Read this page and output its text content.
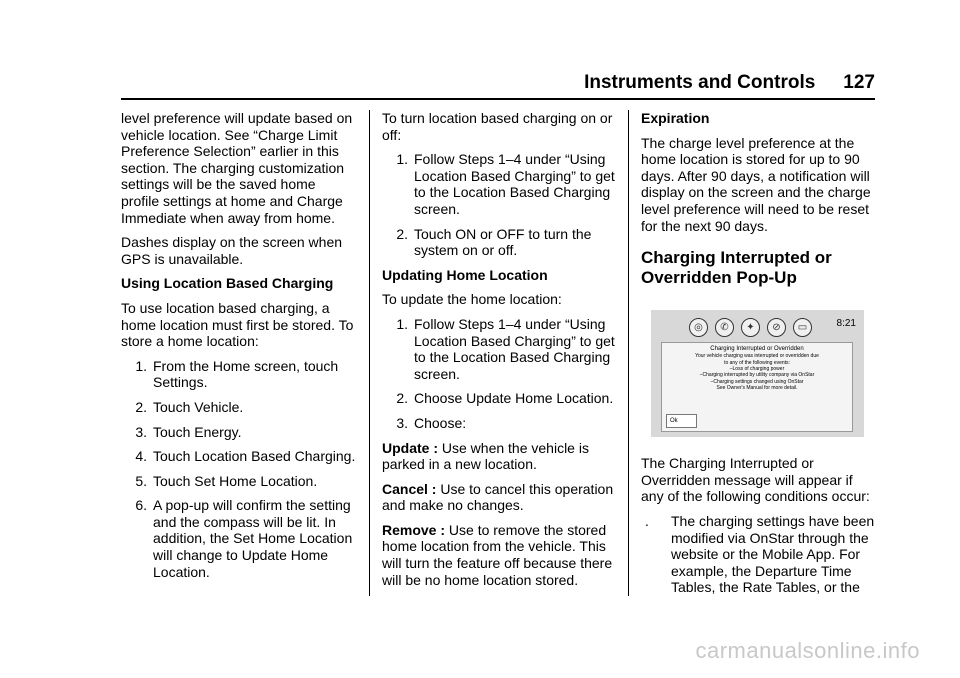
Instruments and Controls 127

level preference will update based on vehicle location. See “Charge Limit Preference Selection” earlier in this section. The charging customization settings will be the saved home profile settings at home and Charge Immediate when away from home.

Dashes display on the screen when GPS is unavailable.

Using Location Based Charging

To use location based charging, a home location must first be stored. To store a home location:

1. From the Home screen, touch Settings.
2. Touch Vehicle.
3. Touch Energy.
4. Touch Location Based Charging.
5. Touch Set Home Location.
6. A pop-up will confirm the setting and the compass will be lit. In addition, the Set Home Location will change to Update Home Location.

To turn location based charging on or off:

1. Follow Steps 1–4 under “Using Location Based Charging” to get to the Location Based Charging screen.
2. Touch ON or OFF to turn the system on or off.

Updating Home Location

To update the home location:

1. Follow Steps 1–4 under “Using Location Based Charging” to get to the Location Based Charging screen.
2. Choose Update Home Location.
3. Choose:

Update : Use when the vehicle is parked in a new location.

Cancel : Use to cancel this operation and make no changes.

Remove : Use to remove the stored home location from the vehicle. This will turn the feature off because there will be no home location stored.

Expiration

The charge level preference at the home location is stored for up to 90 days. After 90 days, a notification will display on the screen and the charge level preference will need to be reset for the next 90 days.

Charging Interrupted or Overridden Pop-Up
◎	✆	✦	⊘	▭	8:21
Charging Interrupted or Overridden
Your vehicle charging was interrupted or overridden due
to any of the following events:
–Loss of charging power
–Charging interrupted by utility company via OnStar
–Charging settings changed using OnStar
See Owner's Manual for more detail.
Ok

The Charging Interrupted or Overridden message will appear if any of the following conditions occur:

. The charging settings have been modified via OnStar through the website or the Mobile App. For example, the Departure Time Tables, the Rate Tables, or the
carmanualsonline.info
